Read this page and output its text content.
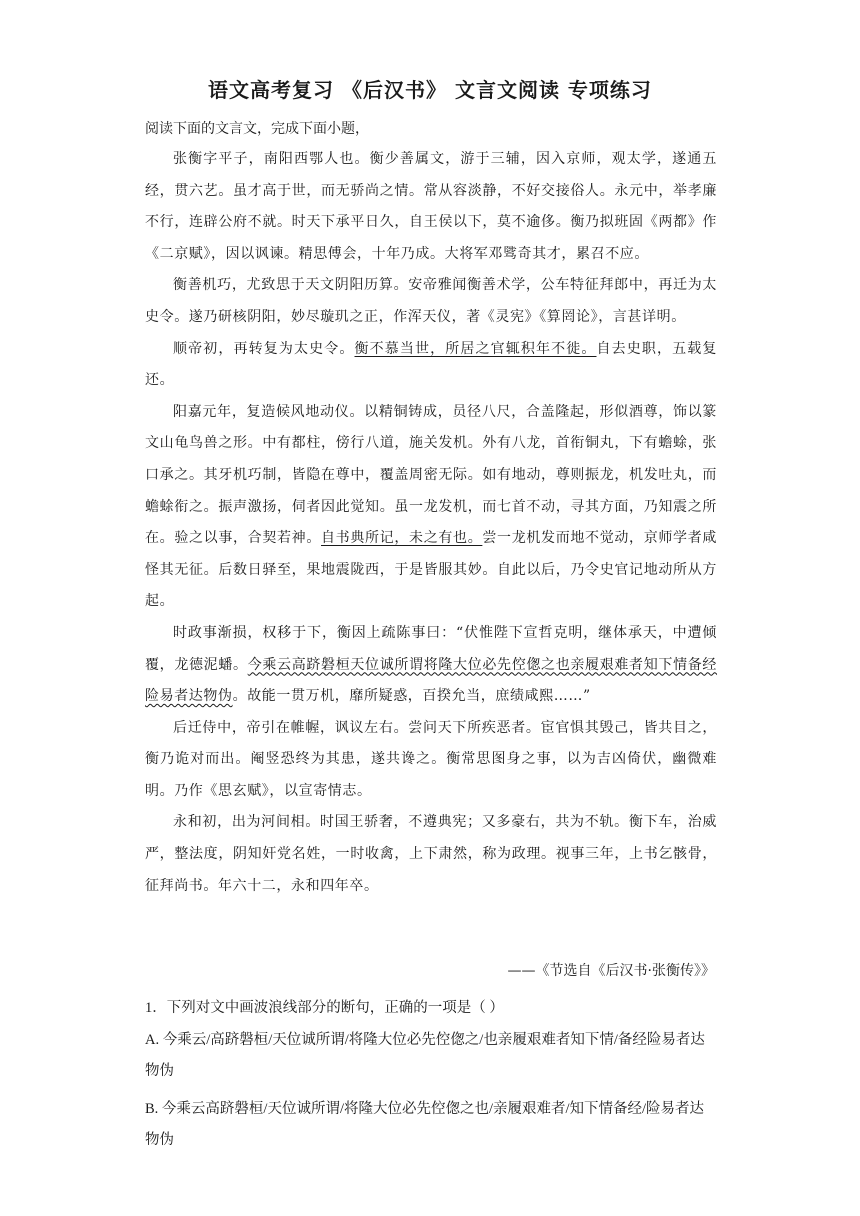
语文高考复习 《后汉书》 文言文阅读 专项练习
阅读下面的文言文，完成下面小题，

张衡字平子，南阳西鄂人也。衡少善属文，游于三辅，因入京师，观太学，遂通五经，贯六艺。虽才高于世，而无骄尚之情。常从容淡静，不好交接俗人。永元中，举孝廉不行，连辟公府不就。时天下承平日久，自王侯以下，莫不逾侈。衡乃拟班固《两都》作《二京赋》，因以讽谏。精思傅会，十年乃成。大将军邓骘奇其才，累召不应。

衡善机巧，尤致思于天文阴阳历算。安帝雅闻衡善术学，公车特征拜郎中，再迁为太史令。遂乃研核阴阳，妙尽璇玑之正，作浑天仪，著《灵宪》《算罔论》，言甚详明。

顺帝初，再转复为太史令。衡不慕当世，所居之官辄积年不徙。自去史职，五载复还。

阳嘉元年，复造候风地动仪。以精铜铸成，员径八尺，合盖隆起，形似酒尊，饰以篆文山龟鸟兽之形。中有都柱，傍行八道，施关发机。外有八龙，首衔铜丸，下有蟾蜍，张口承之。其牙机巧制，皆隐在尊中，覆盖周密无际。如有地动，尊则振龙，机发吐丸，而蟾蜍衔之。振声激扬，伺者因此觉知。虽一龙发机，而七首不动，寻其方面，乃知震之所在。验之以事，合契若神。自书典所记，未之有也。尝一龙机发而地不觉动，京师学者咸怪其无征。后数日驿至，果地震陇西，于是皆服其妙。自此以后，乃令史官记地动所从方起。

时政事渐损，权移于下，衡因上疏陈事曰：“伏惟陛下宣哲克明，继体承天，中遭倾覆，龙德泥蟠。今乘云高跻磐桓天位诚所谓将隆大位必先倥偬之也亲履艰难者知下情备经险易者达物伪。故能一贯万机，靡所疑惑，百揆允当，庶绩咸熙……”

后迁侍中，帝引在帷幄，讽议左右。尝问天下所疾恶者。宦官惧其毁己，皆共目之，衡乃诡对而出。阉竖恐终为其患，遂共谗之。衡常思图身之事，以为吉凶倚伏，幽微难明。乃作《思玄赋》，以宣寄情志。

永和初，出为河间相。时国王骄奢，不遵典宪；又多豪右，共为不轨。衡下车，治威严，整法度，阴知奸党名姓，一时收禽，上下肃然，称为政理。视事三年，上书乞骸骨，征拜尚书。年六十二，永和四年卒。

——《节选自《后汉书·张衡传》》
1．下列对文中画波浪线部分的断句，正确的一项是（ ）
A. 今乘云/高跻磐桓/天位诚所谓/将隆大位必先倥偬之/也亲履艰难者知下情/备经险易者达物伪
B. 今乘云高跻磐桓/天位诚所谓/将隆大位必先倥偬之也/亲履艰难者/知下情备经/险易者达物伪
